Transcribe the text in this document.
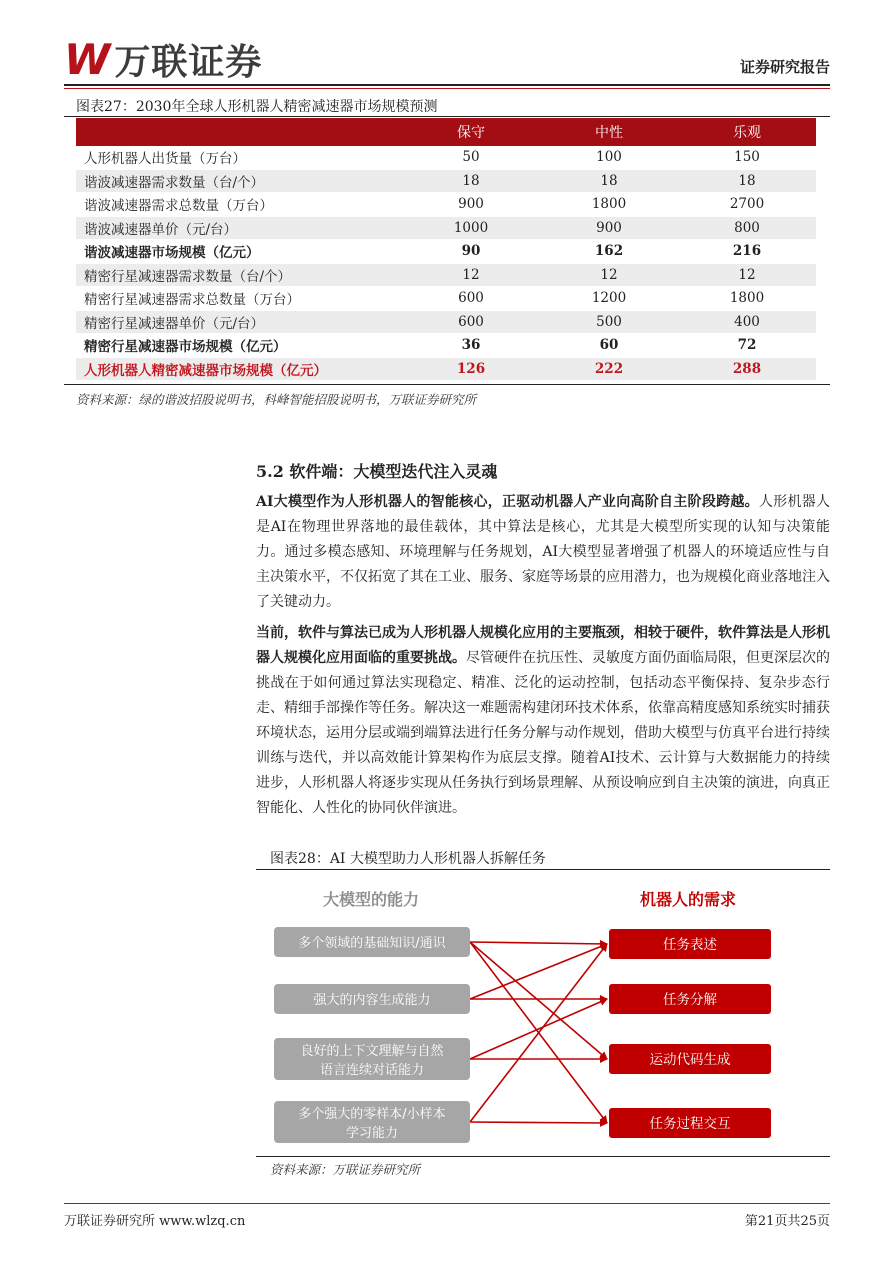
W 万联证券	证券研究报告
图表27：2030年全球人形机器人精密减速器市场规模预测
	保守	中性	乐观
人形机器人出货量（万台）	50	100	150
谐波减速器需求数量（台/个）	18	18	18
谐波减速器需求总数量（万台）	900	1800	2700
谐波减速器单价（元/台）	1000	900	800
谐波减速器市场规模（亿元）	90	162	216
精密行星减速器需求数量（台/个）	12	12	12
精密行星减速器需求总数量（万台）	600	1200	1800
精密行星减速器单价（元/台）	600	500	400
精密行星减速器市场规模（亿元）	36	60	72
人形机器人精密减速器市场规模（亿元）	126	222	288
资料来源：绿的谐波招股说明书，科峰智能招股说明书，万联证券研究所
5.2 软件端：大模型迭代注入灵魂
AI大模型作为人形机器人的智能核心，正驱动机器人产业向高阶自主阶段跨越。人形机器人是AI在物理世界落地的最佳载体，其中算法是核心，尤其是大模型所实现的认知与决策能力。通过多模态感知、环境理解与任务规划，AI大模型显著增强了机器人的环境适应性与自主决策水平，不仅拓宽了其在工业、服务、家庭等场景的应用潜力，也为规模化商业落地注入了关键动力。
当前，软件与算法已成为人形机器人规模化应用的主要瓶颈，相较于硬件，软件算法是人形机器人规模化应用面临的重要挑战。尽管硬件在抗压性、灵敏度方面仍面临局限，但更深层次的挑战在于如何通过算法实现稳定、精准、泛化的运动控制，包括动态平衡保持、复杂步态行走、精细手部操作等任务。解决这一难题需构建闭环技术体系，依靠高精度感知系统实时捕获环境状态，运用分层或端到端算法进行任务分解与动作规划，借助大模型与仿真平台进行持续训练与迭代，并以高效能计算架构作为底层支撑。随着AI技术、云计算与大数据能力的持续进步，人形机器人将逐步实现从任务执行到场景理解、从预设响应到自主决策的演进，向真正智能化、人性化的协同伙伴演进。
图表28：AI 大模型助力人形机器人拆解任务
大模型的能力	机器人的需求
多个领域的基础知识/通识
强大的内容生成能力
良好的上下文理解与自然
语言连续对话能力
多个强大的零样本/小样本
学习能力
任务表述
任务分解
运动代码生成
任务过程交互
资料来源：万联证券研究所
万联证券研究所 www.wlzq.cn	第21页共25页
